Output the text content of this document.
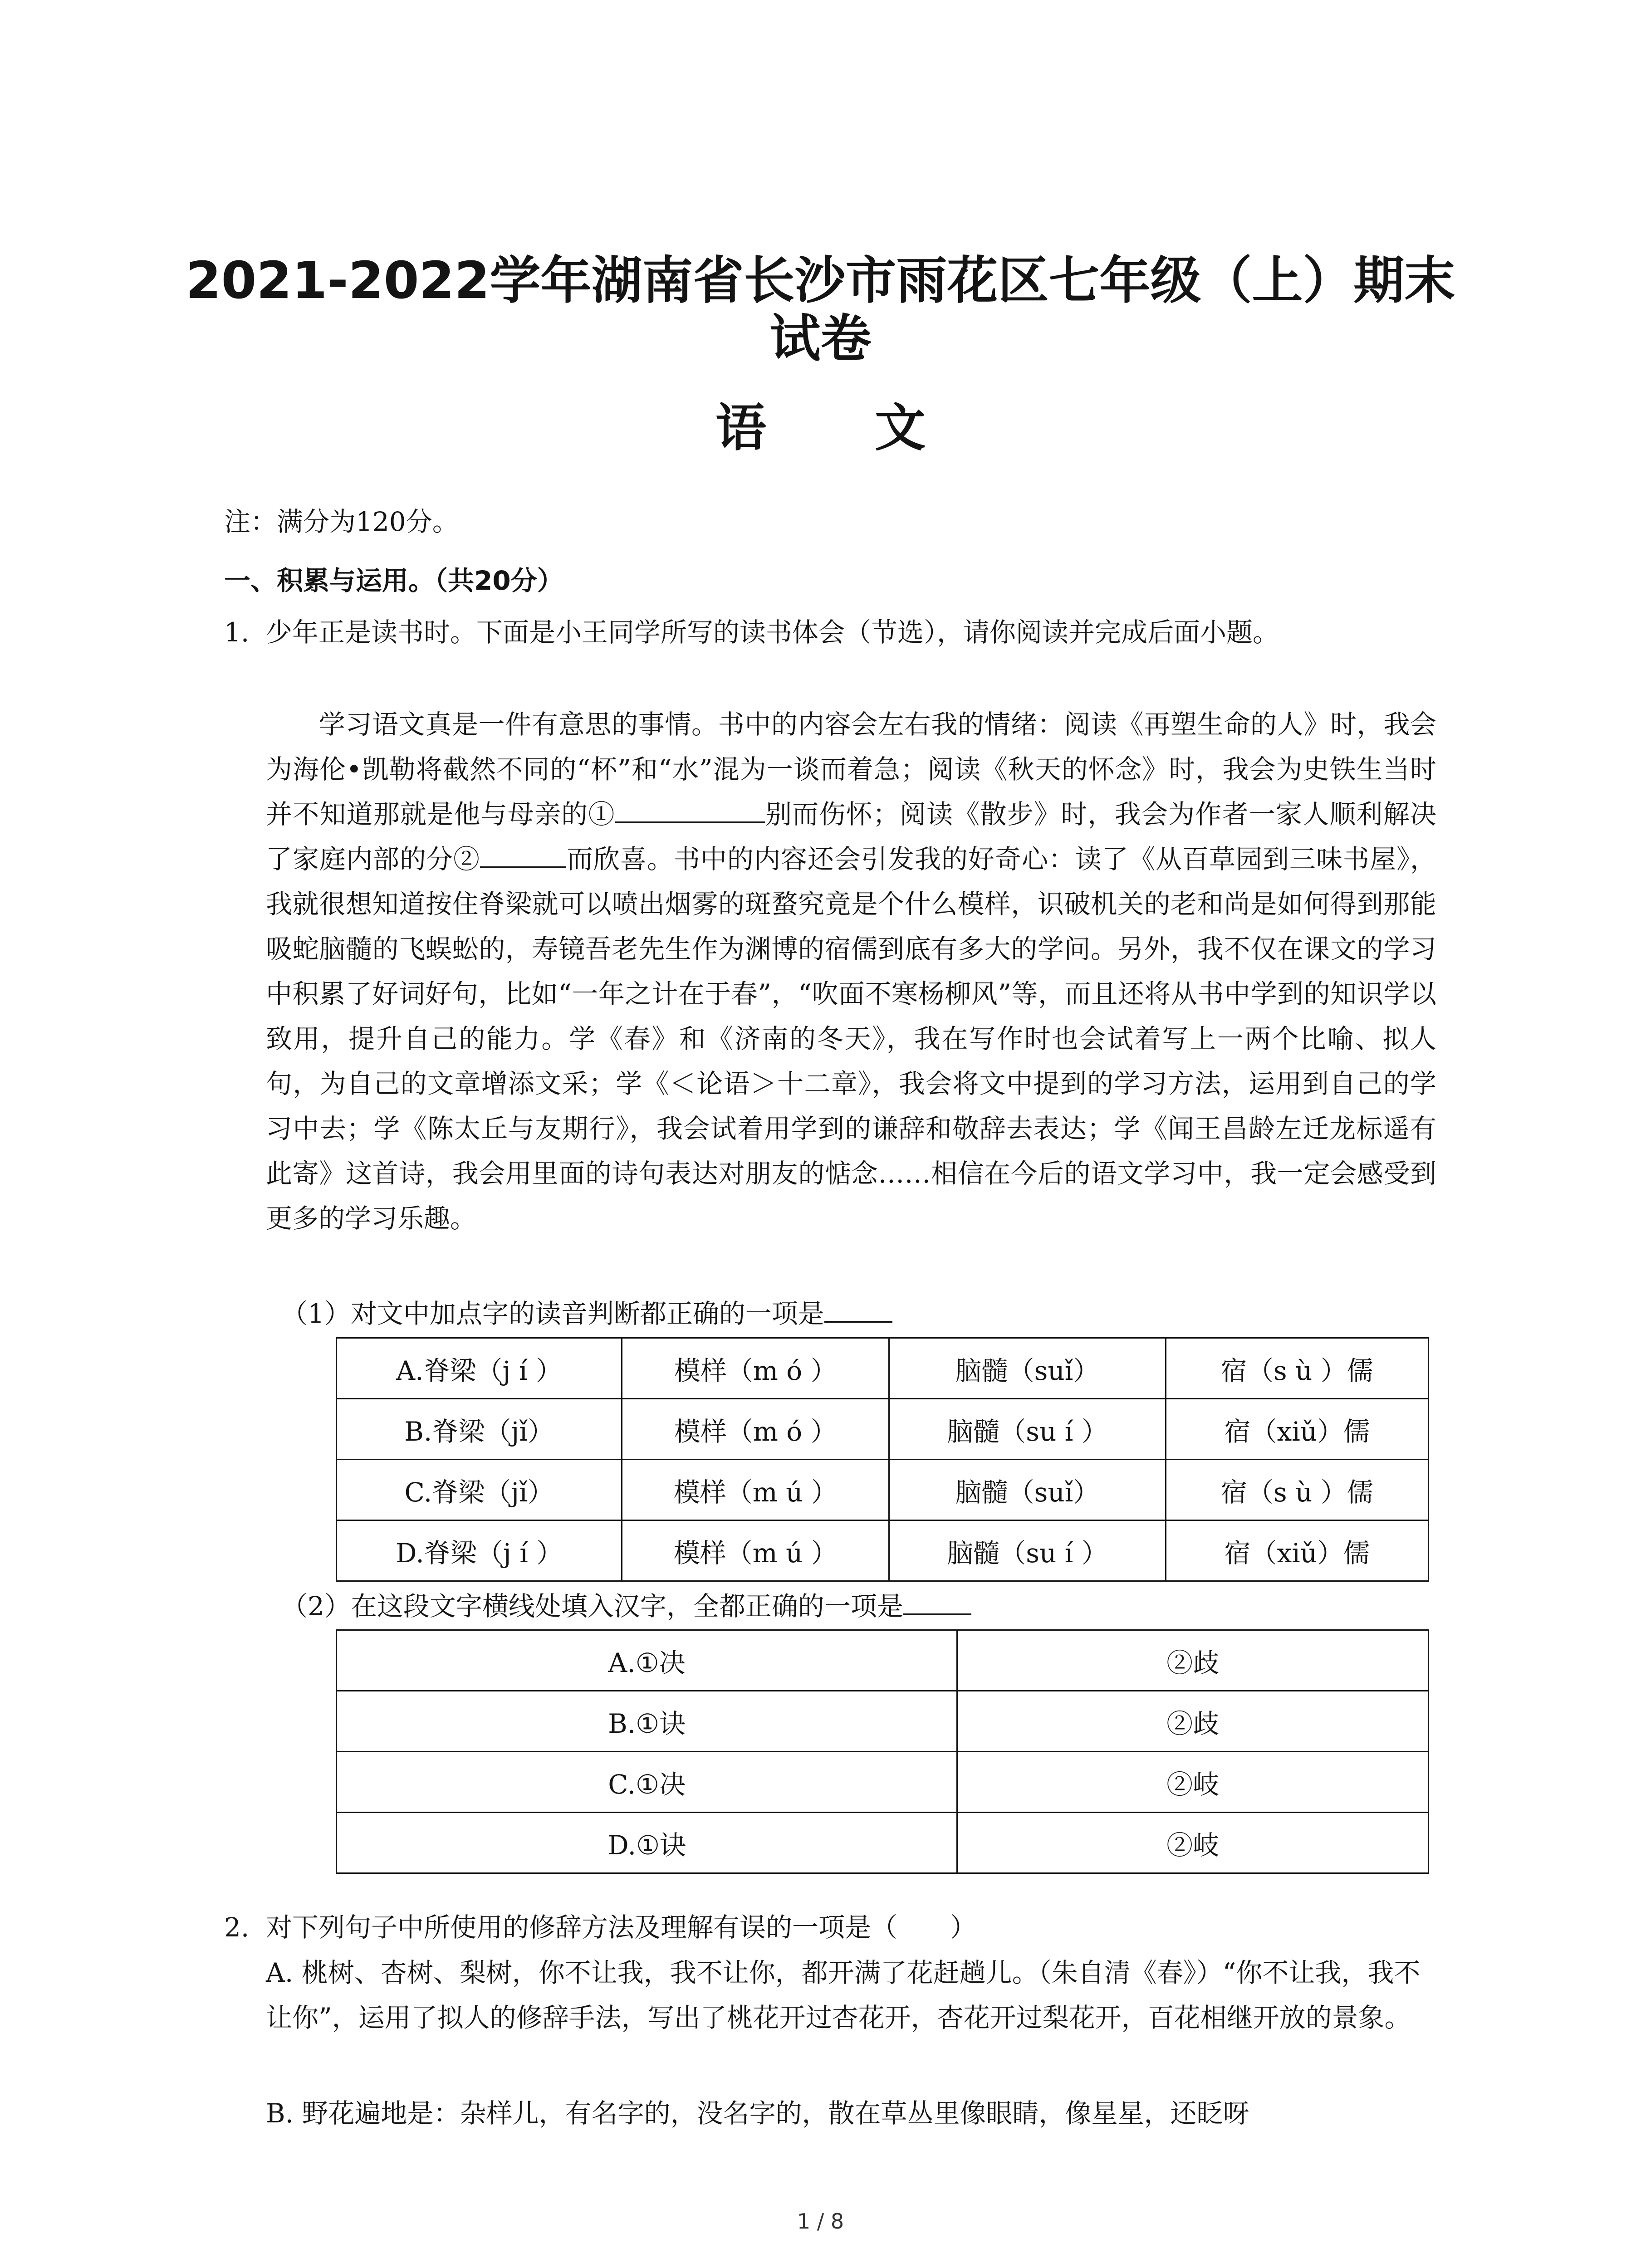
2021-2022学年湖南省长沙市雨花区七年级（上）期末
试卷
语 文
注：满分为120分。
一、积累与运用。（共20分）
1. 少年正是读书时。下面是小王同学所写的读书体会（节选），请你阅读并完成后面小题。
学习语文真是一件有意思的事情。书中的内容会左右我的情绪：阅读《再塑生命的人》时，我会为海伦•凯勒将截然不同的“杯”和“水”混为一谈而着急；阅读《秋天的怀念》时，我会为史铁生当时并不知道那就是他与母亲的①	别而伤怀；阅读《散步》时，我会为作者一家人顺利解决了家庭内部的分②	而欣喜。书中的内容还会引发我的好奇心：读了《从百草园到三味书屋》，我就很想知道按住脊梁就可以喷出烟雾的斑蝥究竟是个什么模样，识破机关的老和尚是如何得到那能吸蛇脑髓的飞蜈蚣的，寿镜吾老先生作为渊博的宿儒到底有多大的学问。另外，我不仅在课文的学习中积累了好词好句，比如“一年之计在于春”，“吹面不寒杨柳风”等，而且还将从书中学到的知识学以致用，提升自己的能力。学《春》和《济南的冬天》，我在写作时也会试着写上一两个比喻、拟人句，为自己的文章增添文采；学《＜论语＞十二章》，我会将文中提到的学习方法，运用到自己的学习中去；学《陈太丘与友期行》，我会试着用学到的谦辞和敬辞去表达；学《闻王昌龄左迁龙标遥有此寄》这首诗，我会用里面的诗句表达对朋友的惦念……相信在今后的语文学习中，我一定会感受到更多的学习乐趣。
（1）对文中加点字的读音判断都正确的一项是
A.脊梁（j í ）	模样（m ó ）	脑髓（suǐ）	宿（s ù ）儒
B.脊梁（jǐ）	模样（m ó ）	脑髓（su í ）	宿（xiǔ）儒
C.脊梁（jǐ）	模样（m ú ）	脑髓（suǐ）	宿（s ù ）儒
D.脊梁（j í ）	模样（m ú ）	脑髓（su í ）	宿（xiǔ）儒
（2）在这段文字横线处填入汉字，全都正确的一项是
A.①决	②歧
B.①诀	②歧
C.①决	②岐
D.①诀	②岐
2. 对下列句子中所使用的修辞方法及理解有误的一项是（　　）
A. 桃树、杏树、梨树，你不让我，我不让你，都开满了花赶趟儿。（朱自清《春》）“你不让我，我不让你”，运用了拟人的修辞手法，写出了桃花开过杏花开，杏花开过梨花开，百花相继开放的景象。
B. 野花遍地是：杂样儿，有名字的，没名字的，散在草丛里像眼睛，像星星，还眨呀
1 / 8
